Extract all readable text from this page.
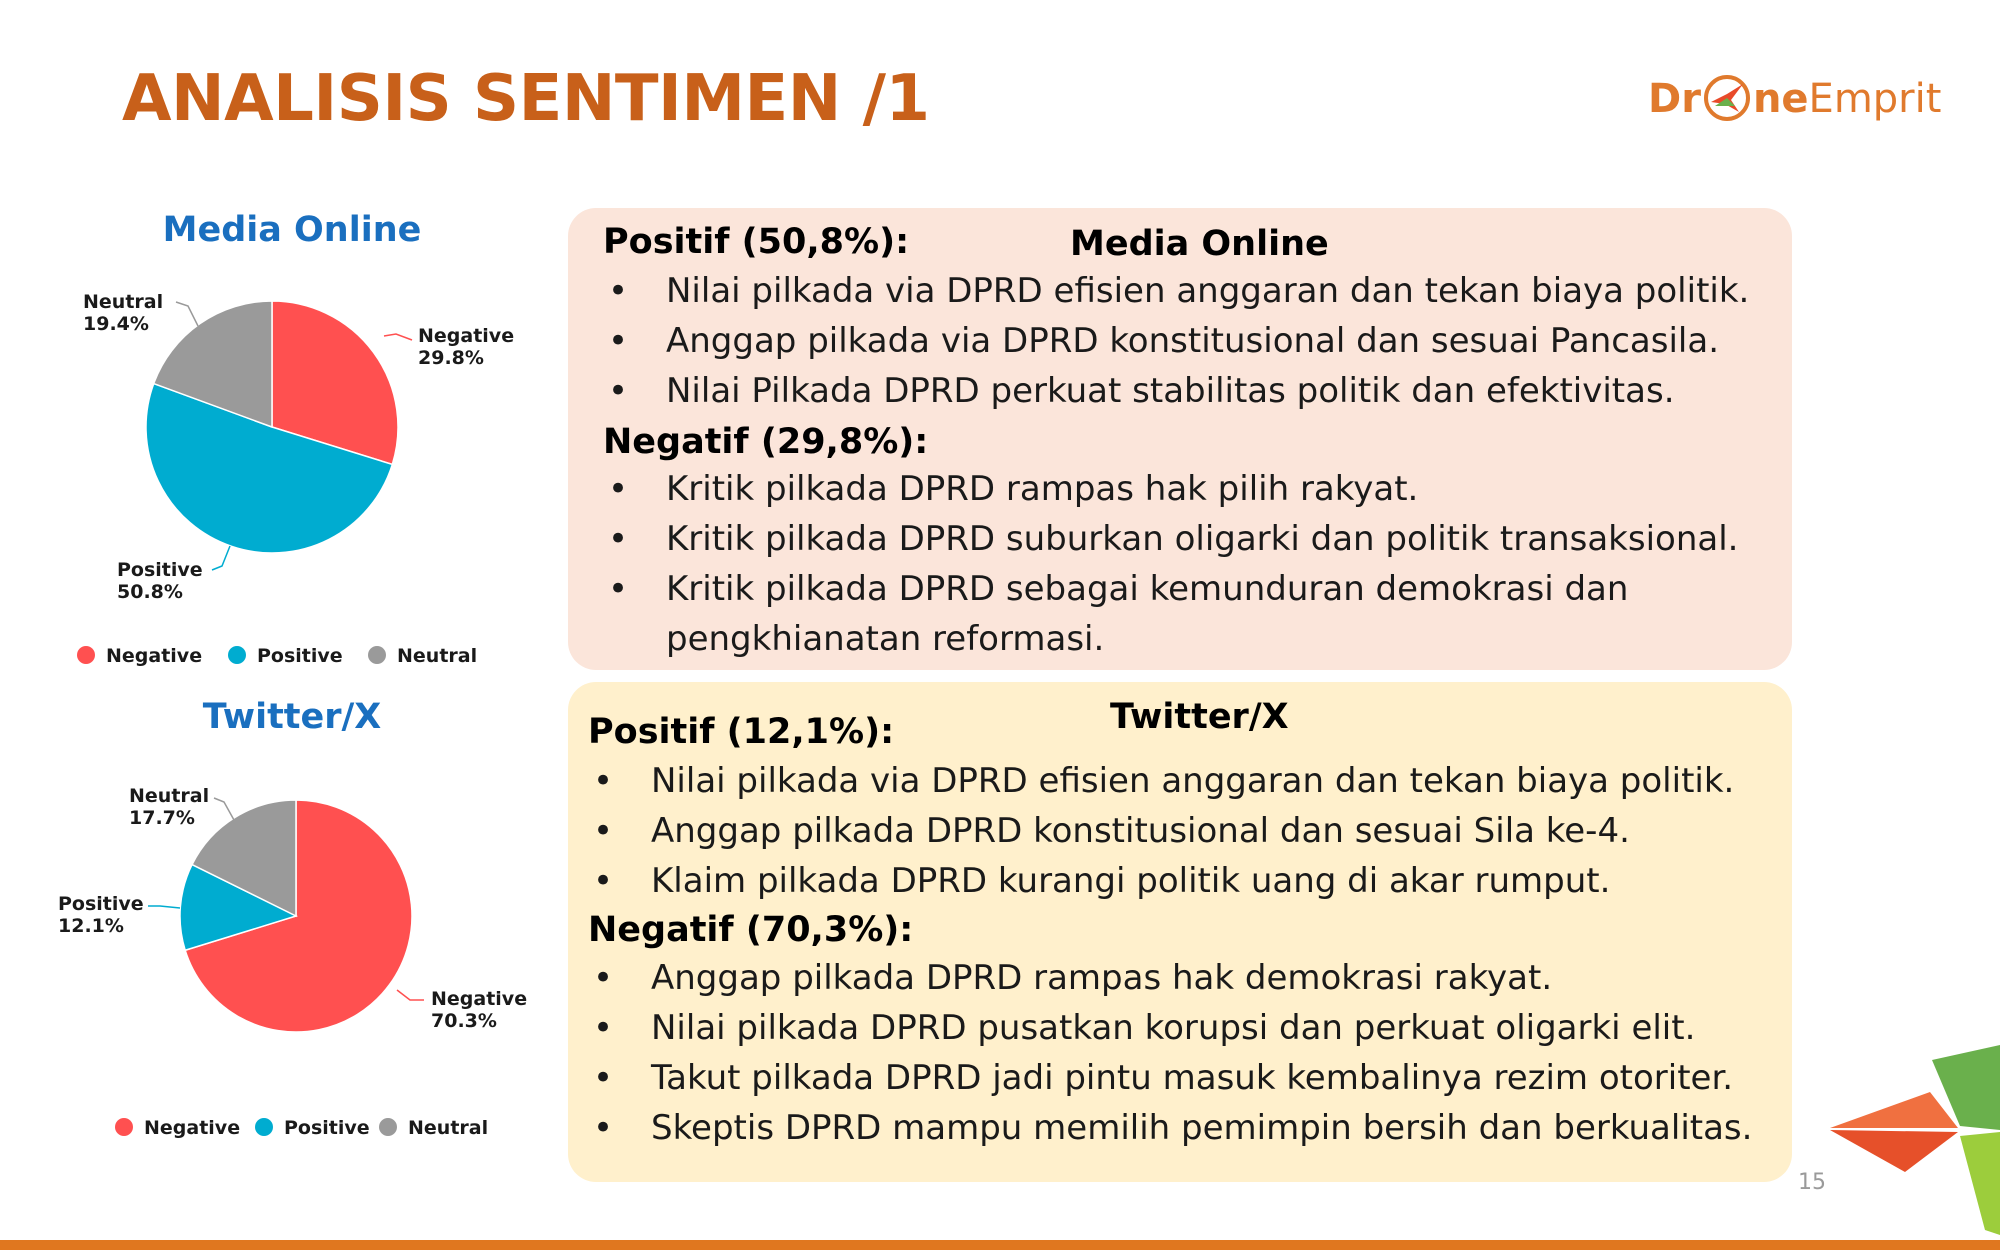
ANALISIS SENTIMEN /1	Dr neEmprit
Media Online
Twitter/X
Negative
29.8%
Positive
50.8%
Neutral
19.4%
Negative	Positive	Neutral
Negative
70.3%
Positive
12.1%
Neutral
17.7%
Negative Positive Neutral
Positif (50,8%):	Media Online
• Nilai pilkada via DPRD efisien anggaran dan tekan biaya politik.
• Anggap pilkada via DPRD konstitusional dan sesuai Pancasila.
• Nilai Pilkada DPRD perkuat stabilitas politik dan efektivitas.
Negatif (29,8%):
• Kritik pilkada DPRD rampas hak pilih rakyat.
• Kritik pilkada DPRD suburkan oligarki dan politik transaksional.
• Kritik pilkada DPRD sebagai kemunduran demokrasi dan
pengkhianatan reformasi.
Twitter/X
Positif (12,1%):
• Nilai pilkada via DPRD efisien anggaran dan tekan biaya politik.
• Anggap pilkada DPRD konstitusional dan sesuai Sila ke-4.
• Klaim pilkada DPRD kurangi politik uang di akar rumput.
Negatif (70,3%):
• Anggap pilkada DPRD rampas hak demokrasi rakyat.
• Nilai pilkada DPRD pusatkan korupsi dan perkuat oligarki elit.
• Takut pilkada DPRD jadi pintu masuk kembalinya rezim otoriter.
• Skeptis DPRD mampu memilih pemimpin bersih dan berkualitas.
15
